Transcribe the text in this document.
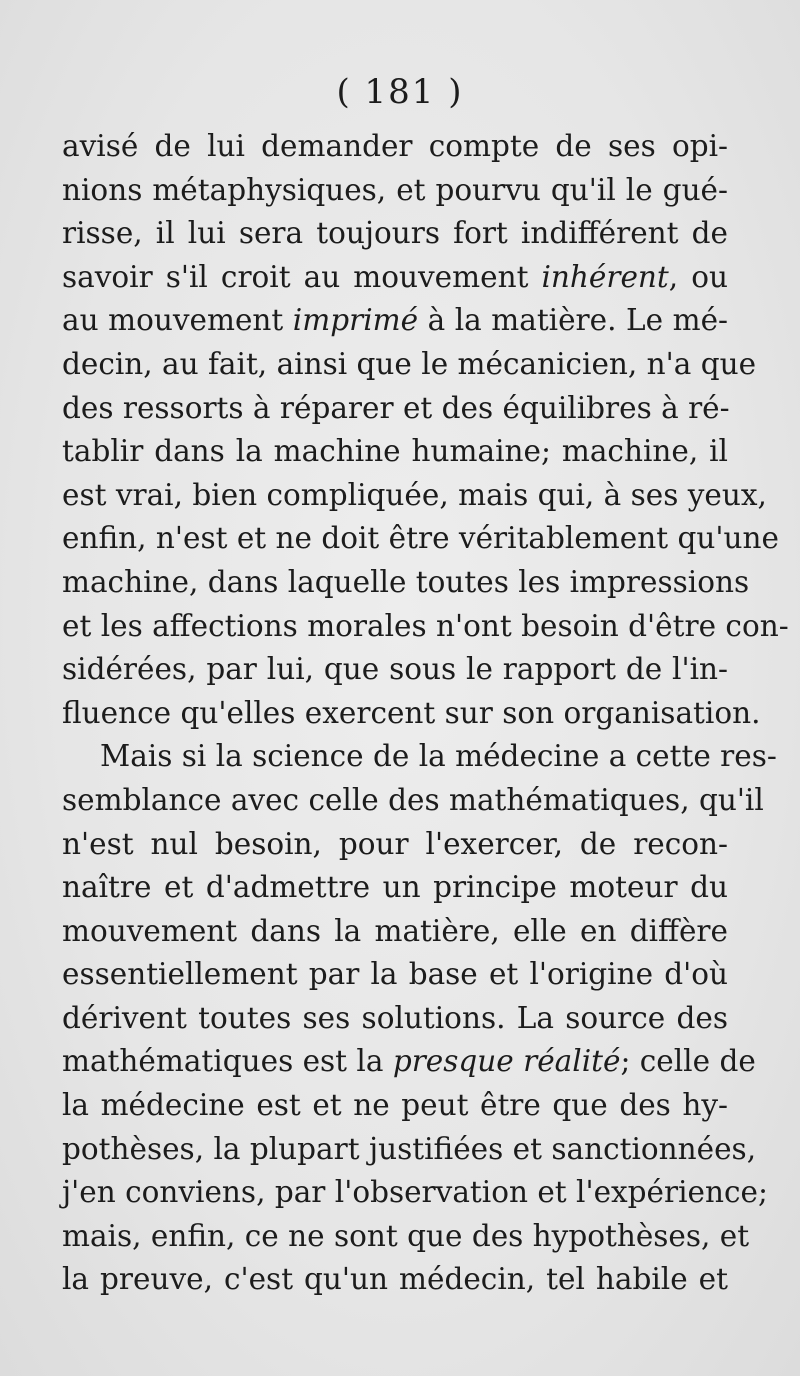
( 181 )
avisé de lui demander compte de ses opi-
nions métaphysiques, et pourvu qu'il le gué-
risse, il lui sera toujours fort indifférent de
savoir s'il croit au mouvement inhérent, ou
au mouvement imprimé à la matière. Le mé-
decin, au fait, ainsi que le mécanicien, n'a que
des ressorts à réparer et des équilibres à ré-
tablir dans la machine humaine; machine, il
est vrai, bien compliquée, mais qui, à ses yeux,
enfin, n'est et ne doit être véritablement qu'une
machine, dans laquelle toutes les impressions
et les affections morales n'ont besoin d'être con-
sidérées, par lui, que sous le rapport de l'in-
fluence qu'elles exercent sur son organisation.
Mais si la science de la médecine a cette res-
semblance avec celle des mathématiques, qu'il
n'est nul besoin, pour l'exercer, de recon-
naître et d'admettre un principe moteur du
mouvement dans la matière, elle en diffère
essentiellement par la base et l'origine d'où
dérivent toutes ses solutions. La source des
mathématiques est la presque réalité; celle de
la médecine est et ne peut être que des hy-
pothèses, la plupart justifiées et sanctionnées,
j'en conviens, par l'observation et l'expérience;
mais, enfin, ce ne sont que des hypothèses, et
la preuve, c'est qu'un médecin, tel habile et
